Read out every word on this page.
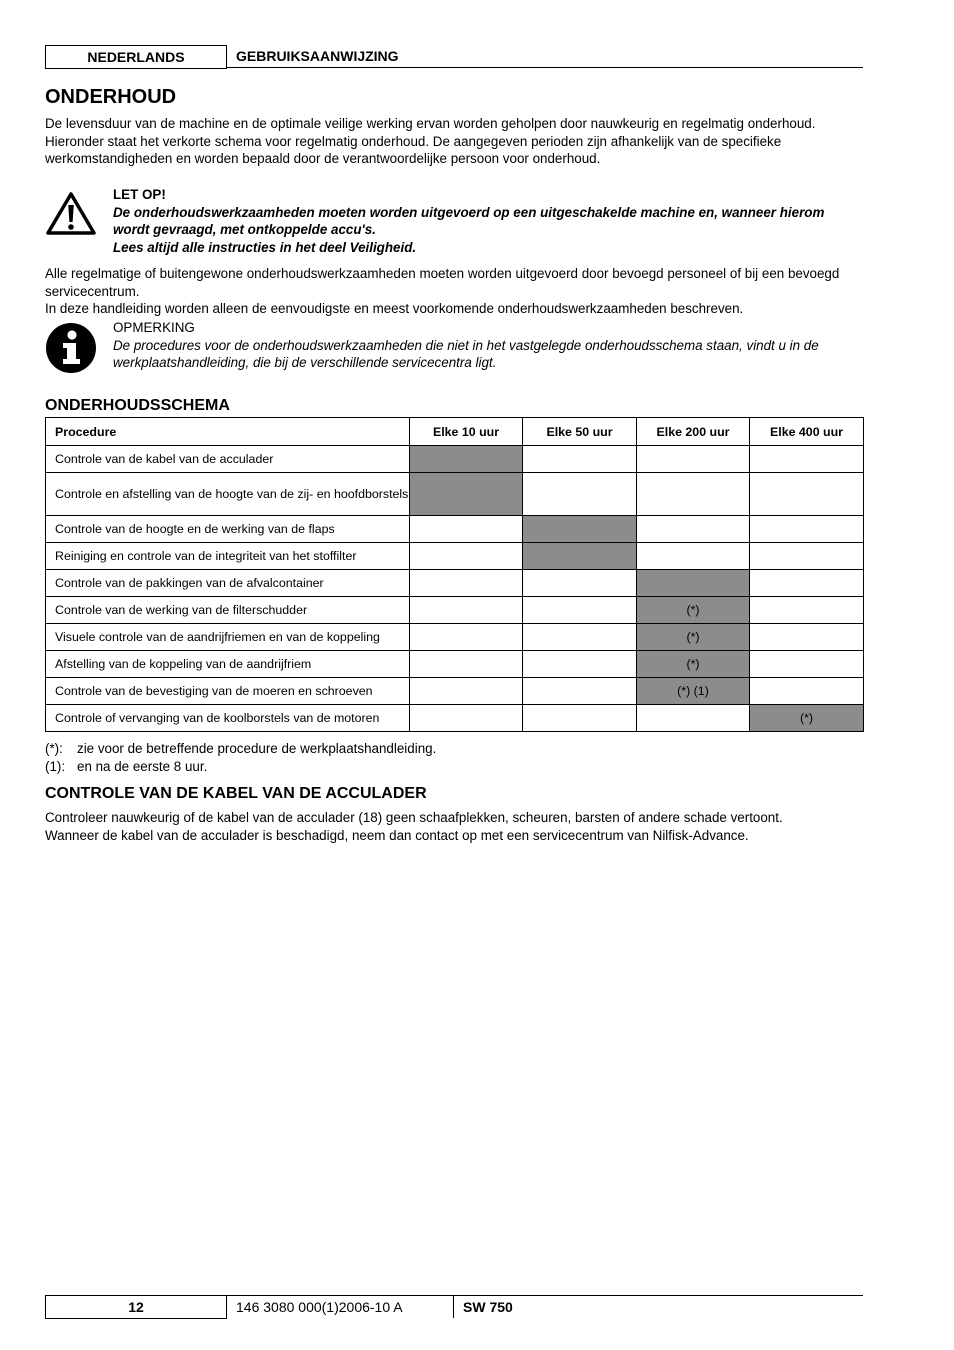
NEDERLANDS	GEBRUIKSAANWIJZING
ONDERHOUD

De levensduur van de machine en de optimale veilige werking ervan worden geholpen door nauwkeurig en regelmatig onderhoud.

Hieronder staat het verkorte schema voor regelmatig onderhoud. De aangegeven perioden zijn afhankelijk van de specifieke werkomstandigheden en worden bepaald door de verantwoordelijke persoon voor onderhoud.

LET OP!
De onderhoudswerkzaamheden moeten worden uitgevoerd op een uitgeschakelde machine en, wanneer hierom wordt gevraagd, met ontkoppelde accu's.
Lees altijd alle instructies in het deel Veiligheid.

Alle regelmatige of buitengewone onderhoudswerkzaamheden moeten worden uitgevoerd door bevoegd personeel of bij een bevoegd servicecentrum.

In deze handleiding worden alleen de eenvoudigste en meest voorkomende onderhoudswerkzaamheden beschreven.

OPMERKING
De procedures voor de onderhoudswerkzaamheden die niet in het vastgelegde onderhoudsschema staan, vindt u in de werkplaatshandleiding, die bij de verschillende servicecentra ligt.
ONDERHOUDSSCHEMA
Procedure	Elke 10 uur	Elke 50 uur	Elke 200 uur	Elke 400 uur
Controle van de kabel van de acculader				
Controle en afstelling van de hoogte van de zij- en hoofdborstels				
Controle van de hoogte en de werking van de flaps				
Reiniging en controle van de integriteit van het stoffilter				
Controle van de pakkingen van de afvalcontainer				
Controle van de werking van de filterschudder			(*)	
Visuele controle van de aandrijfriemen en van de koppeling			(*)	
Afstelling van de koppeling van de aandrijfriem			(*)	
Controle van de bevestiging van de moeren en schroeven			(*) (1)	
Controle of vervanging van de koolborstels van de motoren				(*)

(*): zie voor de betreffende procedure de werkplaatshandleiding.

(1): en na de eerste 8 uur.

CONTROLE VAN DE KABEL VAN DE ACCULADER

Controleer nauwkeurig of de kabel van de acculader (18) geen schaafplekken, scheuren, barsten of andere schade vertoont.

Wanneer de kabel van de acculader is beschadigd, neem dan contact op met een servicecentrum van Nilfisk-Advance.

12	146 3080 000(1)2006-10 A	SW 750
